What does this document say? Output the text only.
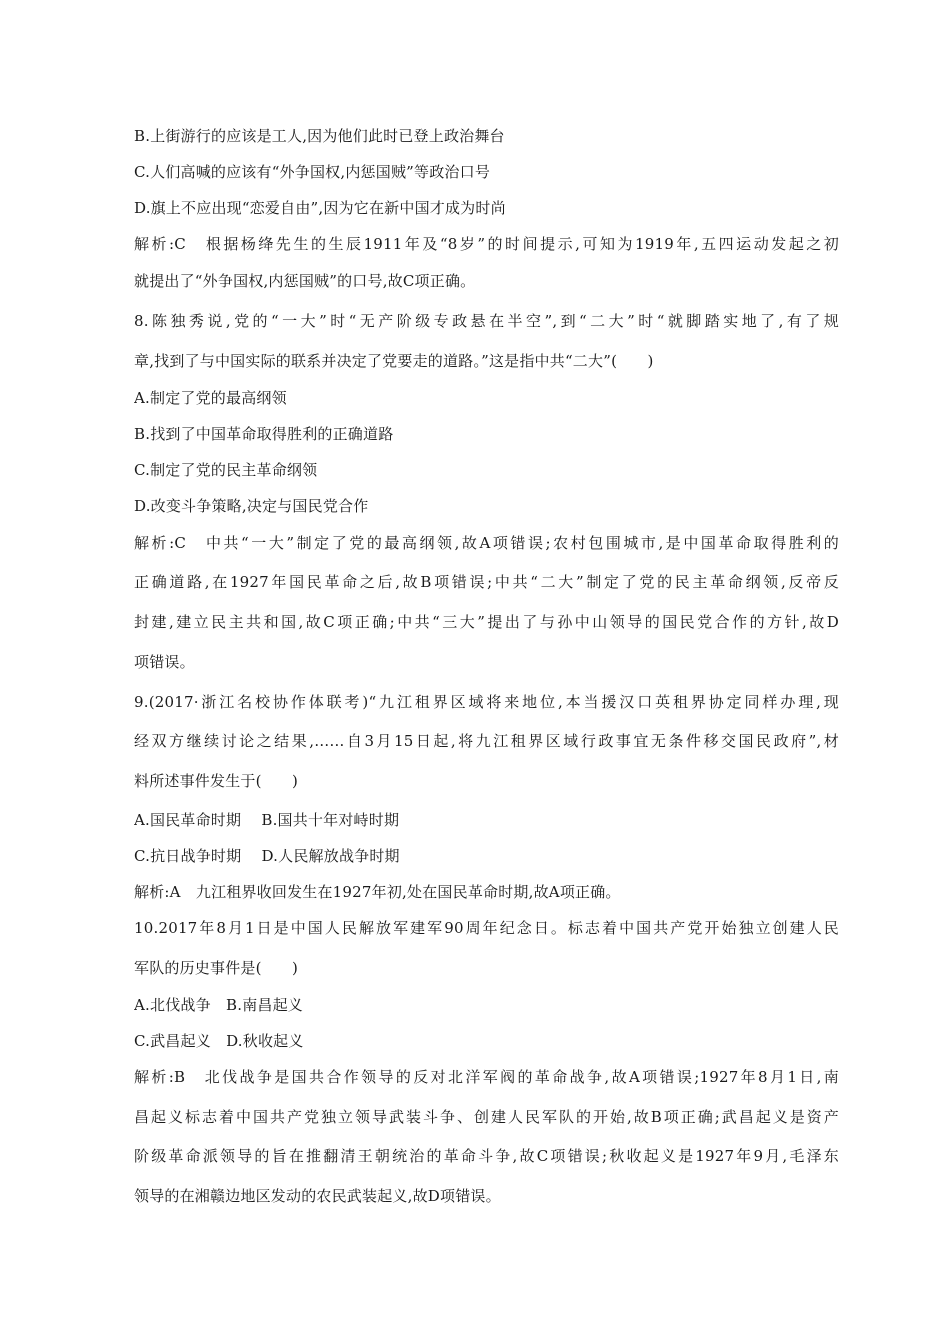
B.上街游行的应该是工人,因为他们此时已登上政治舞台
C.人们高喊的应该有“外争国权,内惩国贼”等政治口号
D.旗上不应出现“恋爱自由”,因为它在新中国才成为时尚
解析:C　根据杨绛先生的生辰1911年及“8岁”的时间提示,可知为1919年,五四运动发起之初
就提出了“外争国权,内惩国贼”的口号,故C项正确。
8.陈独秀说,党的“一大”时“无产阶级专政悬在半空”,到“二大”时“就脚踏实地了,有了规
章,找到了与中国实际的联系并决定了党要走的道路。”这是指中共“二大”(　　)
A.制定了党的最高纲领
B.找到了中国革命取得胜利的正确道路
C.制定了党的民主革命纲领
D.改变斗争策略,决定与国民党合作
解析:C　中共“一大”制定了党的最高纲领,故A项错误;农村包围城市,是中国革命取得胜利的
正确道路,在1927年国民革命之后,故B项错误;中共“二大”制定了党的民主革命纲领,反帝反
封建,建立民主共和国,故C项正确;中共“三大”提出了与孙中山领导的国民党合作的方针,故D
项错误。
9.(2017·浙江名校协作体联考)“九江租界区域将来地位,本当援汉口英租界协定同样办理,现
经双方继续讨论之结果,……自3月15日起,将九江租界区域行政事宜无条件移交国民政府”,材
料所述事件发生于(　　)
A.国民革命时期　 B.国共十年对峙时期
C.抗日战争时期　 D.人民解放战争时期
解析:A　九江租界收回发生在1927年初,处在国民革命时期,故A项正确。
10.2017年8月1日是中国人民解放军建军90周年纪念日。标志着中国共产党开始独立创建人民
军队的历史事件是(　　)
A.北伐战争　B.南昌起义
C.武昌起义　D.秋收起义
解析:B　北伐战争是国共合作领导的反对北洋军阀的革命战争,故A项错误;1927年8月1日,南
昌起义标志着中国共产党独立领导武装斗争、创建人民军队的开始,故B项正确;武昌起义是资产
阶级革命派领导的旨在推翻清王朝统治的革命斗争,故C项错误;秋收起义是1927年9月,毛泽东
领导的在湘赣边地区发动的农民武装起义,故D项错误。
